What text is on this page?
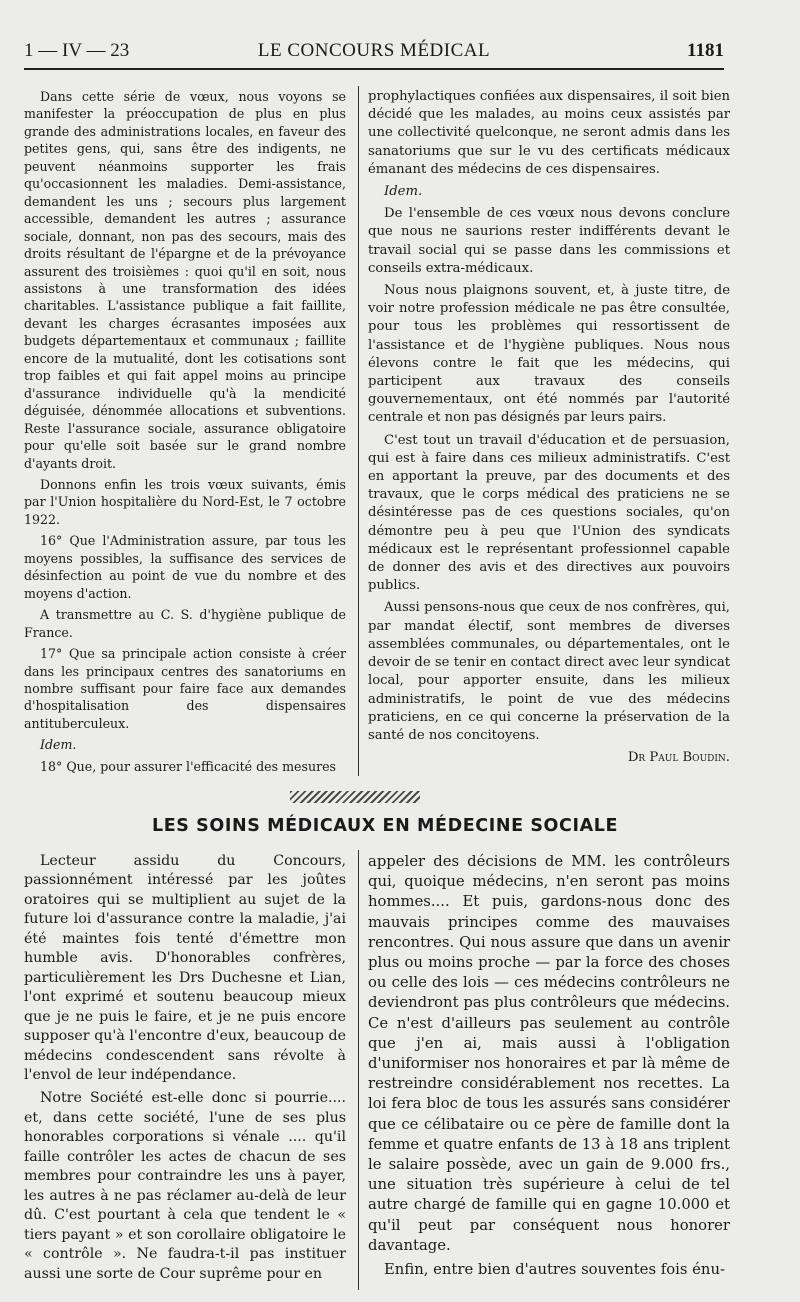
1 — IV — 23	LE CONCOURS MÉDICAL	1181

Dans cette série de vœux, nous voyons se manifester la préoccupation de plus en plus grande des administrations locales, en faveur des petites gens, qui, sans être des indigents, ne peuvent néanmoins supporter les frais qu'occasionnent les maladies. Demi-assistance, demandent les uns ; secours plus largement accessible, demandent les autres ; assurance sociale, donnant, non pas des secours, mais des droits résultant de l'épargne et de la prévoyance assurent des troisièmes : quoi qu'il en soit, nous assistons à une transformation des idées charitables. L'assistance publique a fait faillite, devant les charges écrasantes imposées aux budgets départementaux et communaux ; faillite encore de la mutualité, dont les cotisations sont trop faibles et qui fait appel moins au principe d'assurance individuelle qu'à la mendicité déguisée, dénommée allocations et subventions. Reste l'assurance sociale, assurance obligatoire pour qu'elle soit basée sur le grand nombre d'ayants droit.

Donnons enfin les trois vœux suivants, émis par l'Union hospitalière du Nord-Est, le 7 octobre 1922.

16° Que l'Administration assure, par tous les moyens possibles, la suffisance des services de désinfection au point de vue du nombre et des moyens d'action.

A transmettre au C. S. d'hygiène publique de France.

17° Que sa principale action consiste à créer dans les principaux centres des sanatoriums en nombre suffisant pour faire face aux demandes d'hospitalisation des dispensaires antituberculeux.

Idem.

18° Que, pour assurer l'efficacité des mesures

prophylactiques confiées aux dispensaires, il soit bien décidé que les malades, au moins ceux assistés par une collectivité quelconque, ne seront admis dans les sanatoriums que sur le vu des certificats médicaux émanant des médecins de ces dispensaires.

Idem.

De l'ensemble de ces vœux nous devons conclure que nous ne saurions rester indifférents devant le travail social qui se passe dans les commissions et conseils extra-médicaux.

Nous nous plaignons souvent, et, à juste titre, de voir notre profession médicale ne pas être consultée, pour tous les problèmes qui ressortissent de l'assistance et de l'hygiène publiques. Nous nous élevons contre le fait que les médecins, qui participent aux travaux des conseils gouvernementaux, ont été nommés par l'autorité centrale et non pas désignés par leurs pairs.

C'est tout un travail d'éducation et de persuasion, qui est à faire dans ces milieux administratifs. C'est en apportant la preuve, par des documents et des travaux, que le corps médical des praticiens ne se désintéresse pas de ces questions sociales, qu'on démontre peu à peu que l'Union des syndicats médicaux est le représentant professionnel capable de donner des avis et des directives aux pouvoirs publics.

Aussi pensons-nous que ceux de nos confrères, qui, par mandat électif, sont membres de diverses assemblées communales, ou départementales, ont le devoir de se tenir en contact direct avec leur syndicat local, pour apporter ensuite, dans les milieux administratifs, le point de vue des médecins praticiens, en ce qui concerne la préservation de la santé de nos concitoyens.

Dr Paul Boudin.

LES SOINS MÉDICAUX EN MÉDECINE SOCIALE

Lecteur assidu du Concours, passionnément intéressé par les joûtes oratoires qui se multiplient au sujet de la future loi d'assurance contre la maladie, j'ai été maintes fois tenté d'émettre mon humble avis. D'honorables confrères, particulièrement les Drs Duchesne et Lian, l'ont exprimé et soutenu beaucoup mieux que je ne puis le faire, et je ne puis encore supposer qu'à l'encontre d'eux, beaucoup de médecins condescendent sans révolte à l'envol de leur indépendance.

Notre Société est-elle donc si pourrie.... et, dans cette société, l'une de ses plus honorables corporations si vénale .... qu'il faille contrôler les actes de chacun de ses membres pour contraindre les uns à payer, les autres à ne pas réclamer au-delà de leur dû. C'est pourtant à cela que tendent le « tiers payant » et son corollaire obligatoire le « contrôle ». Ne faudra-t-il pas instituer aussi une sorte de Cour suprême pour en

appeler des décisions de MM. les contrôleurs qui, quoique médecins, n'en seront pas moins hommes.... Et puis, gardons-nous donc des mauvais principes comme des mauvaises rencontres. Qui nous assure que dans un avenir plus ou moins proche — par la force des choses ou celle des lois — ces médecins contrôleurs ne deviendront pas plus contrôleurs que médecins. Ce n'est d'ailleurs pas seulement au contrôle que j'en ai, mais aussi à l'obligation d'uniformiser nos honoraires et par là même de restreindre considérablement nos recettes. La loi fera bloc de tous les assurés sans considérer que ce célibataire ou ce père de famille dont la femme et quatre enfants de 13 à 18 ans triplent le salaire possède, avec un gain de 9.000 frs., une situation très supérieure à celui de tel autre chargé de famille qui en gagne 10.000 et qu'il peut par conséquent nous honorer davantage.

Enfin, entre bien d'autres souventes fois énu-
